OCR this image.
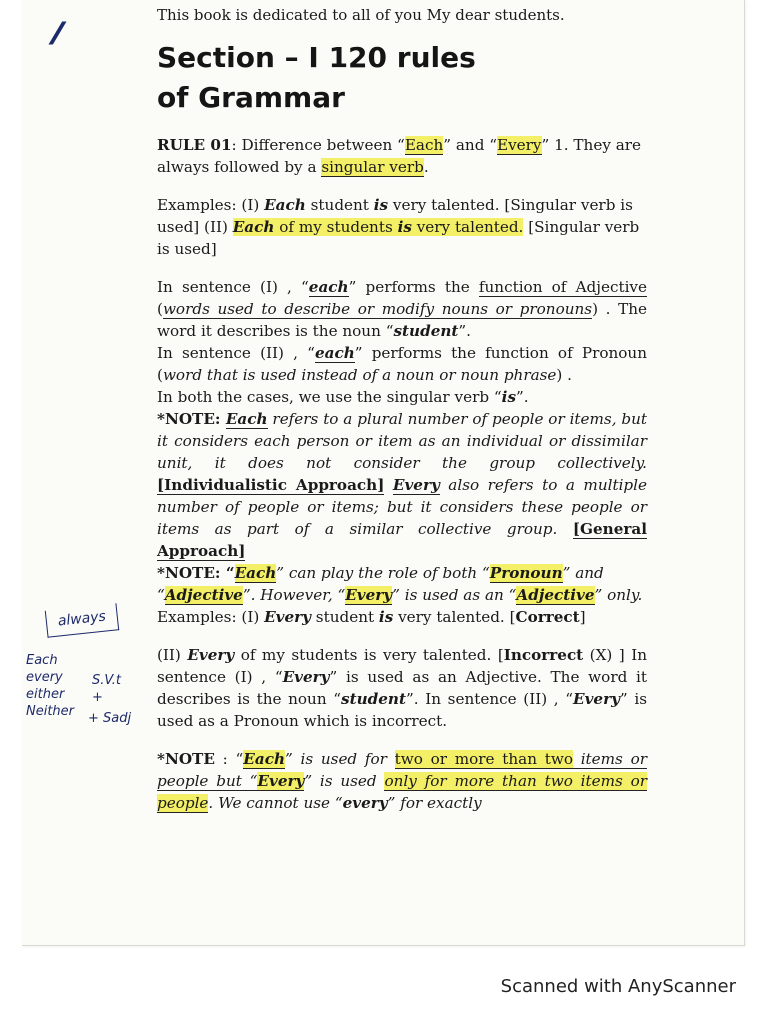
⁄⁄⁄

This book is dedicated to all of you My dear students.

Section – I 120 rules
of Grammar

RULE 01: Difference between “Each” and “Every” 1. They are always followed by a singular verb.

Examples: (I) Each student is very talented. [Singular verb is used] (II) Each of my students is very talented. [Singular verb is used]

In sentence (I) , “each” performs the function of Adjective (words used to describe or modify nouns or pronouns) . The word it describes is the noun “student”.

In sentence (II) , “each” performs the function of Pronoun (word that is used instead of a noun or noun phrase) .

In both the cases, we use the singular verb “is”.

*NOTE: Each refers to a plural number of people or items, but it considers each person or item as an individual or dissimilar unit, it does not consider the group collectively. [Individualistic Approach] Every also refers to a multiple number of people or items; but it considers these people or items as part of a similar collective group. [General Approach]

*NOTE: “Each” can play the role of both “Pronoun” and “Adjective”. However, “Every” is used as an “Adjective” only.

Examples: (I) Every student is very talented. [Correct]

(II) Every of my students is very talented. [Incorrect (X) ] In sentence (I) , “Every” is used as an Adjective. The word it describes is the noun “student”. In sentence (II) , “Every” is used as a Pronoun which is incorrect.

*NOTE : “Each” is used for two or more than two items or people but “Every” is used only for more than two items or people. We cannot use “every” for exactly

always
Each
every
either
Neither
S.V.t
+
+ Sadj
Scanned with AnyScanner
